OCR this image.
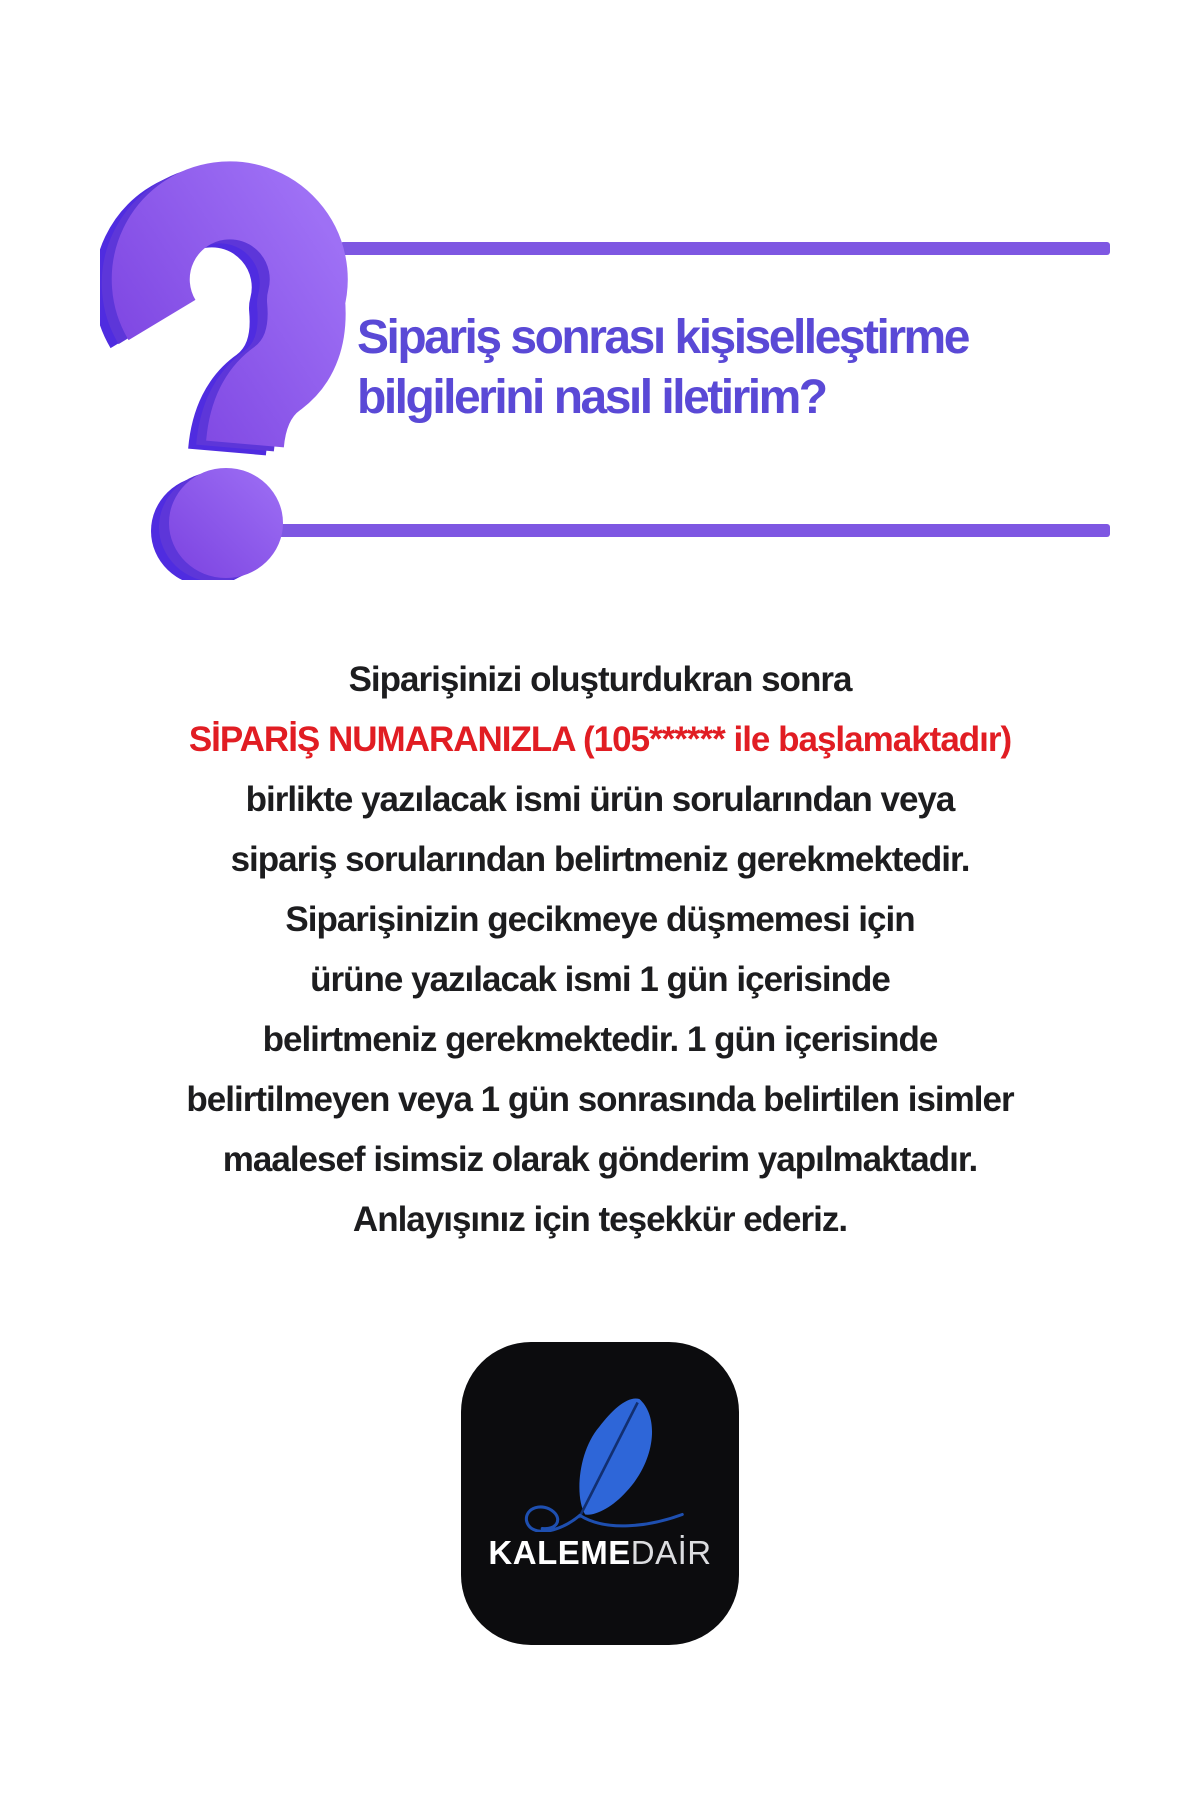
Sipariş sonrası kişiselleştirme
bilgilerini nasıl iletirim?
Siparişinizi oluşturdukran sonra
SİPARİŞ NUMARANIZLA (105****** ile başlamaktadır)
birlikte yazılacak ismi ürün sorularından veya
sipariş sorularından belirtmeniz gerekmektedir.
Siparişinizin gecikmeye düşmemesi için
ürüne yazılacak ismi 1 gün içerisinde
belirtmeniz gerekmektedir. 1 gün içerisinde
belirtilmeyen veya 1 gün sonrasında belirtilen isimler
maalesef isimsiz olarak gönderim yapılmaktadır.
Anlayışınız için teşekkür ederiz.
KALEMEDAİR
